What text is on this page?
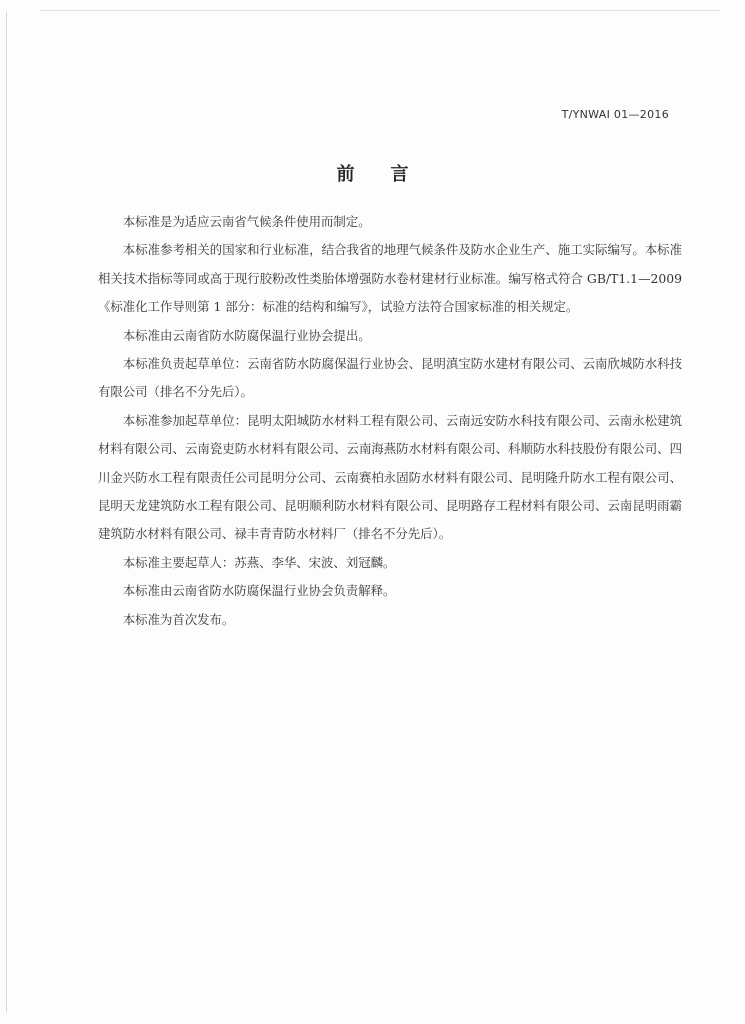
T/YNWAI 01—2016
前言

本标准是为适应云南省气候条件使用而制定。

本标准参考相关的国家和行业标准，结合我省的地理气候条件及防水企业生产、施工实际编写。本标准相关技术指标等同或高于现行胶粉改性类胎体增强防水卷材建材行业标准。编写格式符合 GB/T1.1—2009《标准化工作导则第 1 部分：标准的结构和编写》，试验方法符合国家标准的相关规定。

本标准由云南省防水防腐保温行业协会提出。

本标准负责起草单位：云南省防水防腐保温行业协会、昆明滇宝防水建材有限公司、云南欣城防水科技有限公司（排名不分先后）。

本标准参加起草单位：昆明太阳城防水材料工程有限公司、云南远安防水科技有限公司、云南永松建筑材料有限公司、云南瓷吏防水材料有限公司、云南海燕防水材料有限公司、科顺防水科技股份有限公司、四川金兴防水工程有限责任公司昆明分公司、云南赛柏永固防水材料有限公司、昆明隆升防水工程有限公司、昆明天龙建筑防水工程有限公司、昆明顺利防水材料有限公司、昆明路存工程材料有限公司、云南昆明雨霸建筑防水材料有限公司、禄丰青青防水材料厂（排名不分先后）。

本标准主要起草人：苏燕、李华、宋波、刘冠麟。

本标准由云南省防水防腐保温行业协会负责解释。

本标准为首次发布。
